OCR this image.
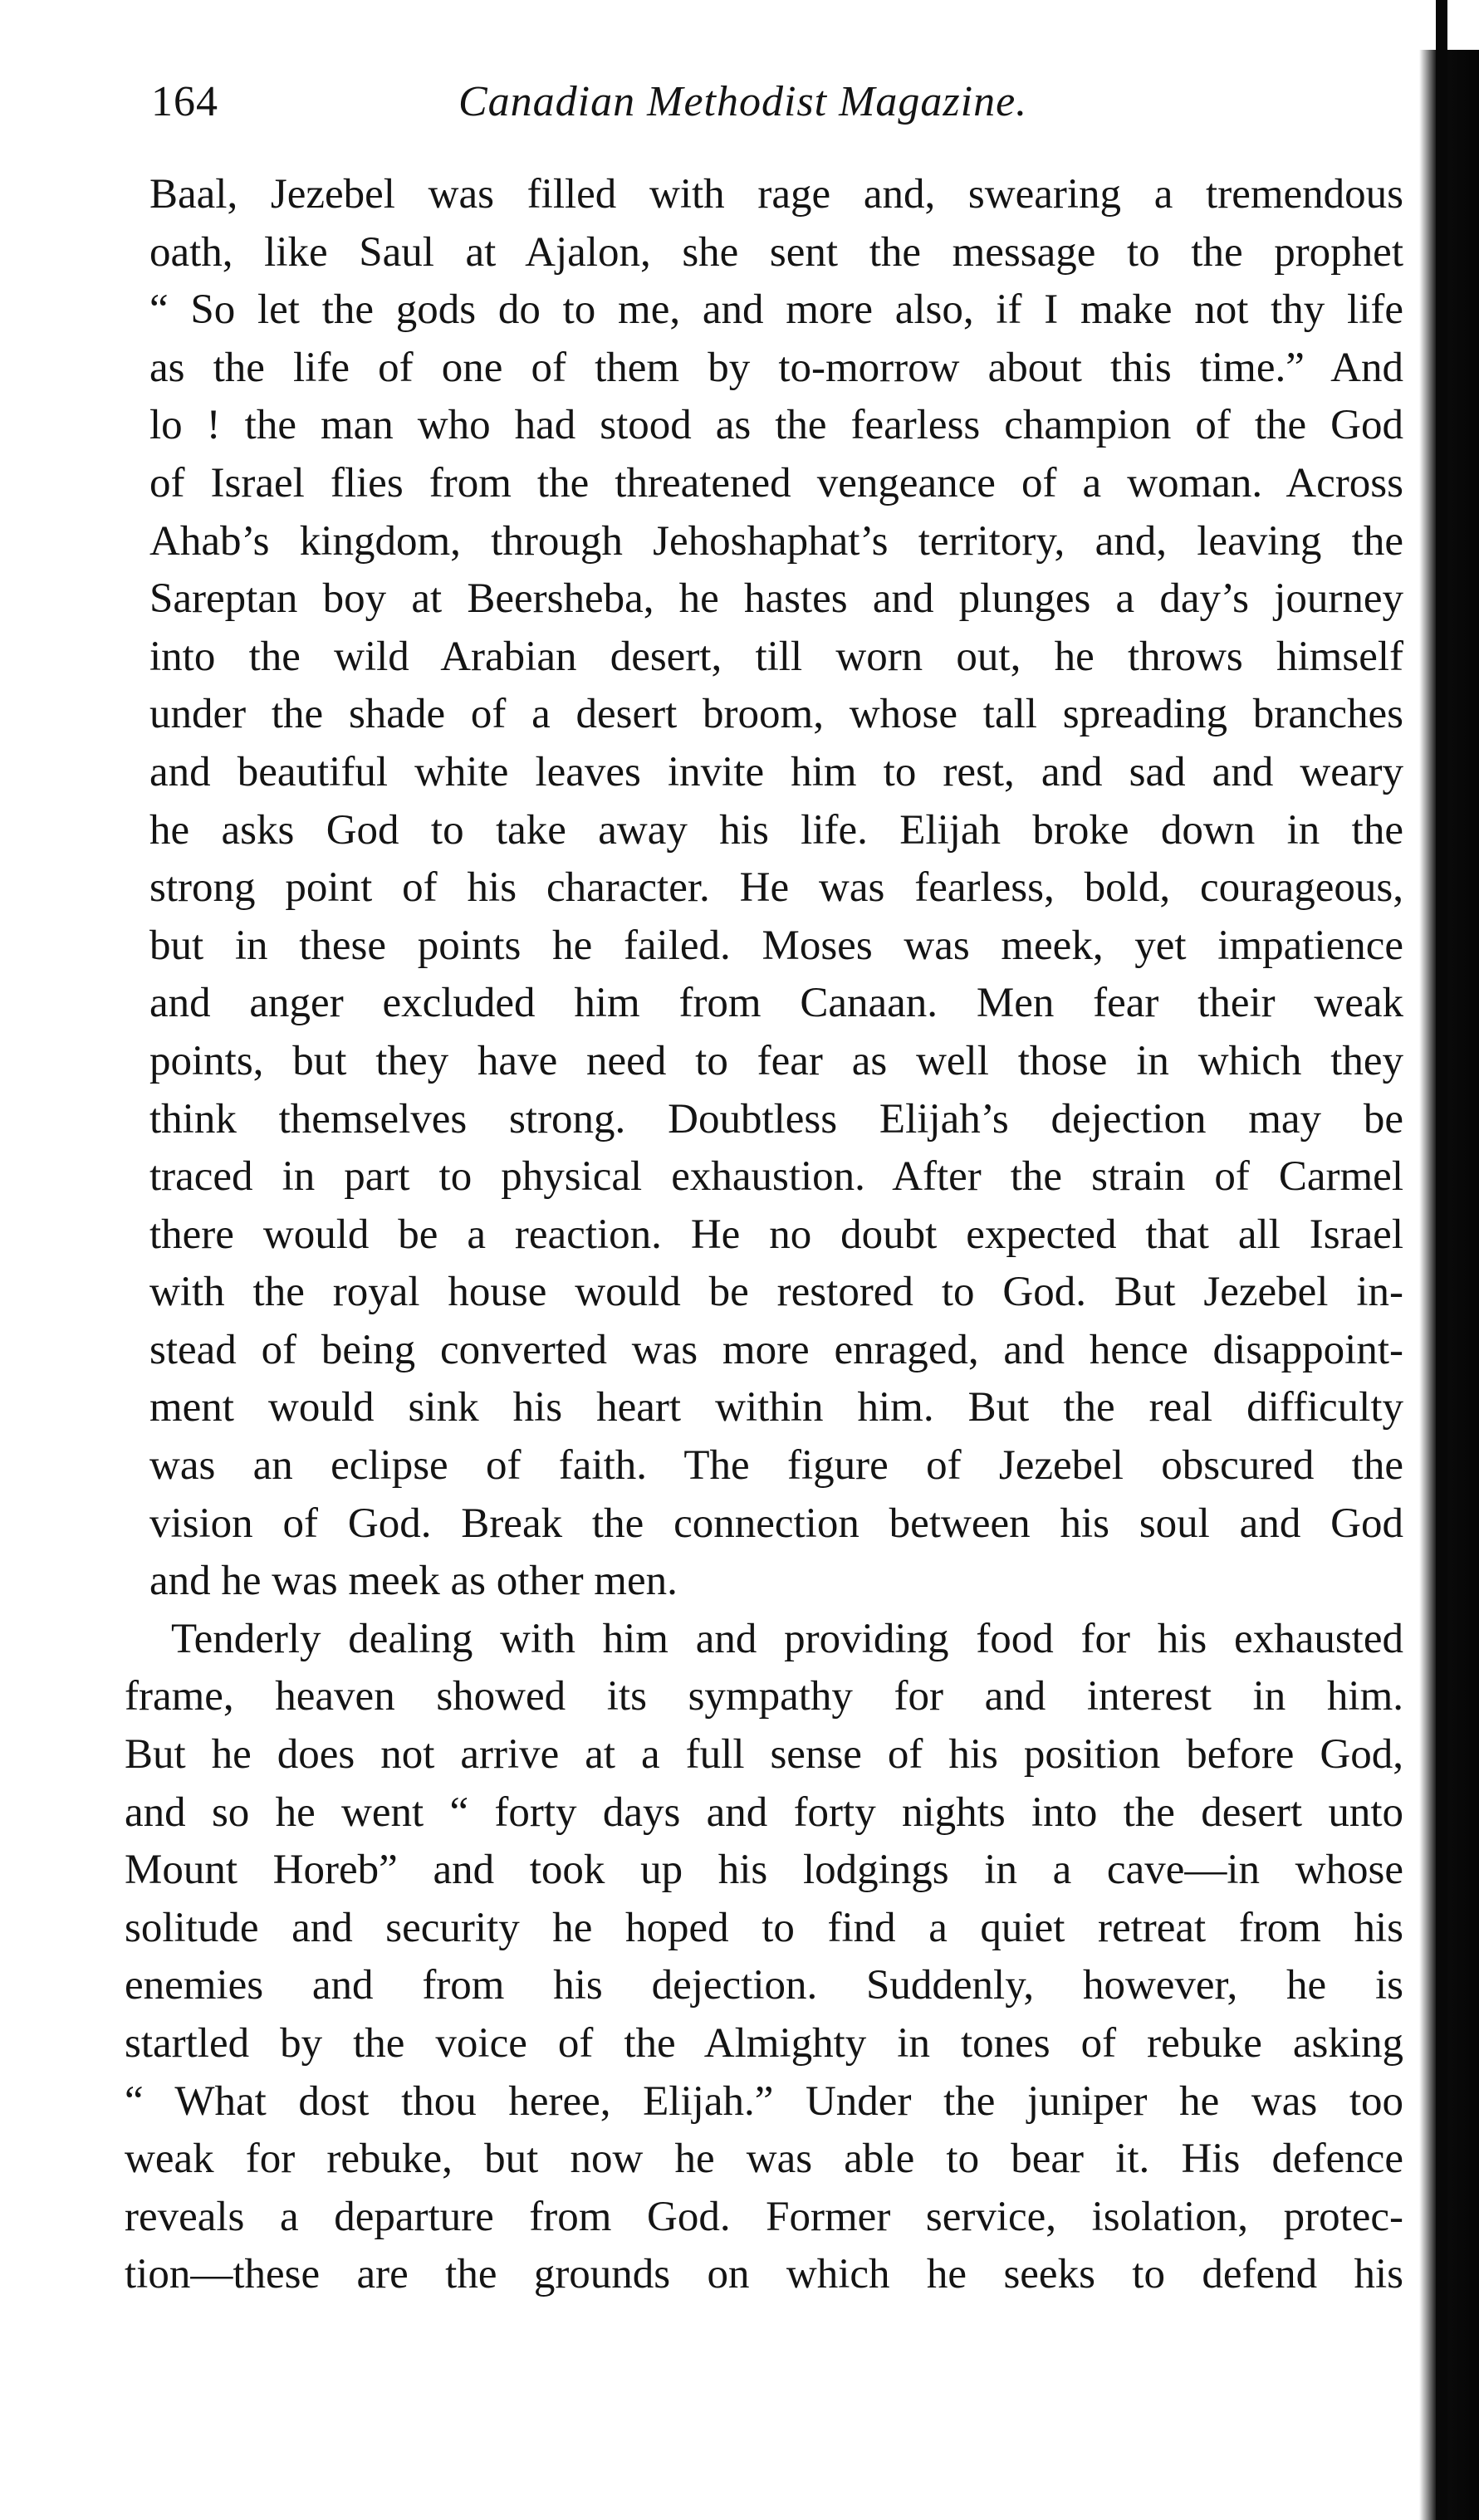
164	Canadian Methodist Magazine.
Baal, Jezebel was filled with rage and, swearing a tremendous
oath, like Saul at Ajalon, she sent the message to the prophet
“ So let the gods do to me, and more also, if I make not thy life
as the life of one of them by to-morrow about this time.” And
lo ! the man who had stood as the fearless champion of the God
of Israel flies from the threatened vengeance of a woman. Across
Ahab’s kingdom, through Jehoshaphat’s territory, and, leaving the
Sareptan boy at Beersheba, he hastes and plunges a day’s journey
into the wild Arabian desert, till worn out, he throws himself
under the shade of a desert broom, whose tall spreading branches
and beautiful white leaves invite him to rest, and sad and weary
he asks God to take away his life. Elijah broke down in the
strong point of his character. He was fearless, bold, courageous,
but in these points he failed. Moses was meek, yet impatience
and anger excluded him from Canaan. Men fear their weak
points, but they have need to fear as well those in which they
think themselves strong. Doubtless Elijah’s dejection may be
traced in part to physical exhaustion. After the strain of Carmel
there would be a reaction. He no doubt expected that all Israel
with the royal house would be restored to God. But Jezebel in-
stead of being converted was more enraged, and hence disappoint-
ment would sink his heart within him. But the real difficulty
was an eclipse of faith. The figure of Jezebel obscured the
vision of God. Break the connection between his soul and God
and he was meek as other men.
Tenderly dealing with him and providing food for his exhausted
frame, heaven showed its sympathy for and interest in him.
But he does not arrive at a full sense of his position before God,
and so he went “ forty days and forty nights into the desert unto
Mount Horeb” and took up his lodgings in a cave—in whose
solitude and security he hoped to find a quiet retreat from his
enemies and from his dejection. Suddenly, however, he is
startled by the voice of the Almighty in tones of rebuke asking
“ What dost thou heree, Elijah.” Under the juniper he was too
weak for rebuke, but now he was able to bear it. His defence
reveals a departure from God. Former service, isolation, protec-
tion—these are the grounds on which he seeks to defend his
